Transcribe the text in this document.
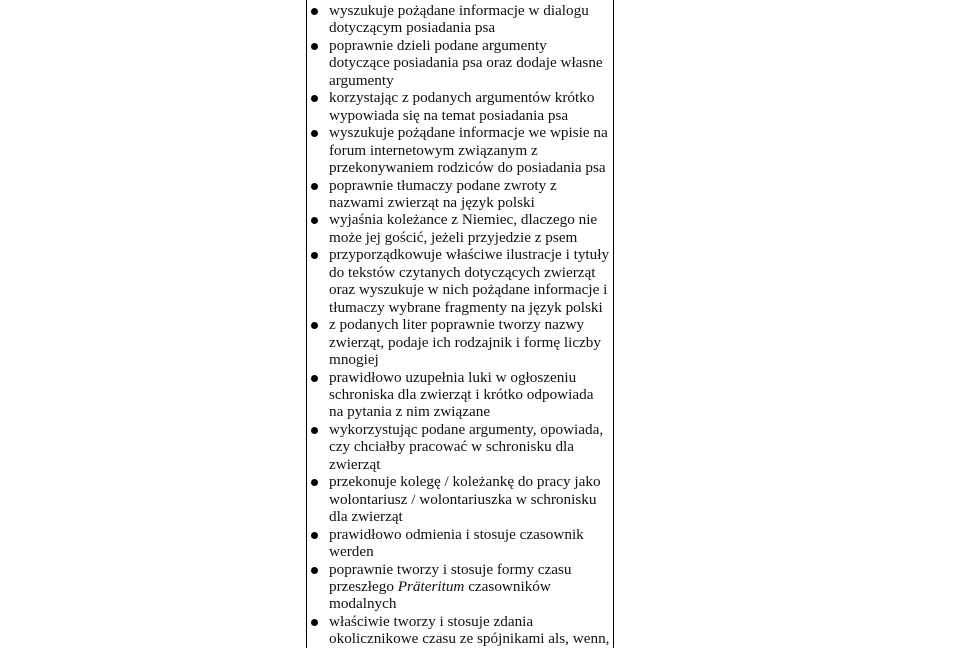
wyszukuje pożądane informacje w dialogu dotyczącym posiadania psa
poprawnie dzieli podane argumenty dotyczące posiadania psa oraz dodaje własne argumenty
korzystając z podanych argumentów krótko wypowiada się na temat posiadania psa
wyszukuje pożądane informacje we wpisie na forum internetowym związanym z przekonywaniem rodziców do posiadania psa
poprawnie tłumaczy podane zwroty z nazwami zwierząt na język polski
wyjaśnia koleżance z Niemiec, dlaczego nie może jej gościć, jeżeli przyjedzie z psem
przyporządkowuje właściwe ilustracje i tytuły do tekstów czytanych dotyczących zwierząt oraz wyszukuje w nich pożądane informacje i tłumaczy wybrane fragmenty na język polski
z podanych liter poprawnie tworzy nazwy zwierząt, podaje ich rodzajnik i formę liczby mnogiej
prawidłowo uzupełnia luki w ogłoszeniu schroniska dla zwierząt i krótko odpowiada na pytania z nim związane
wykorzystując podane argumenty, opowiada, czy chciałby pracować w schronisku dla zwierząt
przekonuje kolegę / koleżankę do pracy jako wolontariusz / wolontariuszka w schronisku dla zwierząt
prawidłowo odmienia i stosuje czasownik werden
poprawnie tworzy i stosuje formy czasu przeszłego Präteritum czasowników modalnych
właściwie tworzy i stosuje zdania okolicznikowe czasu ze spójnikami als, wenn,
